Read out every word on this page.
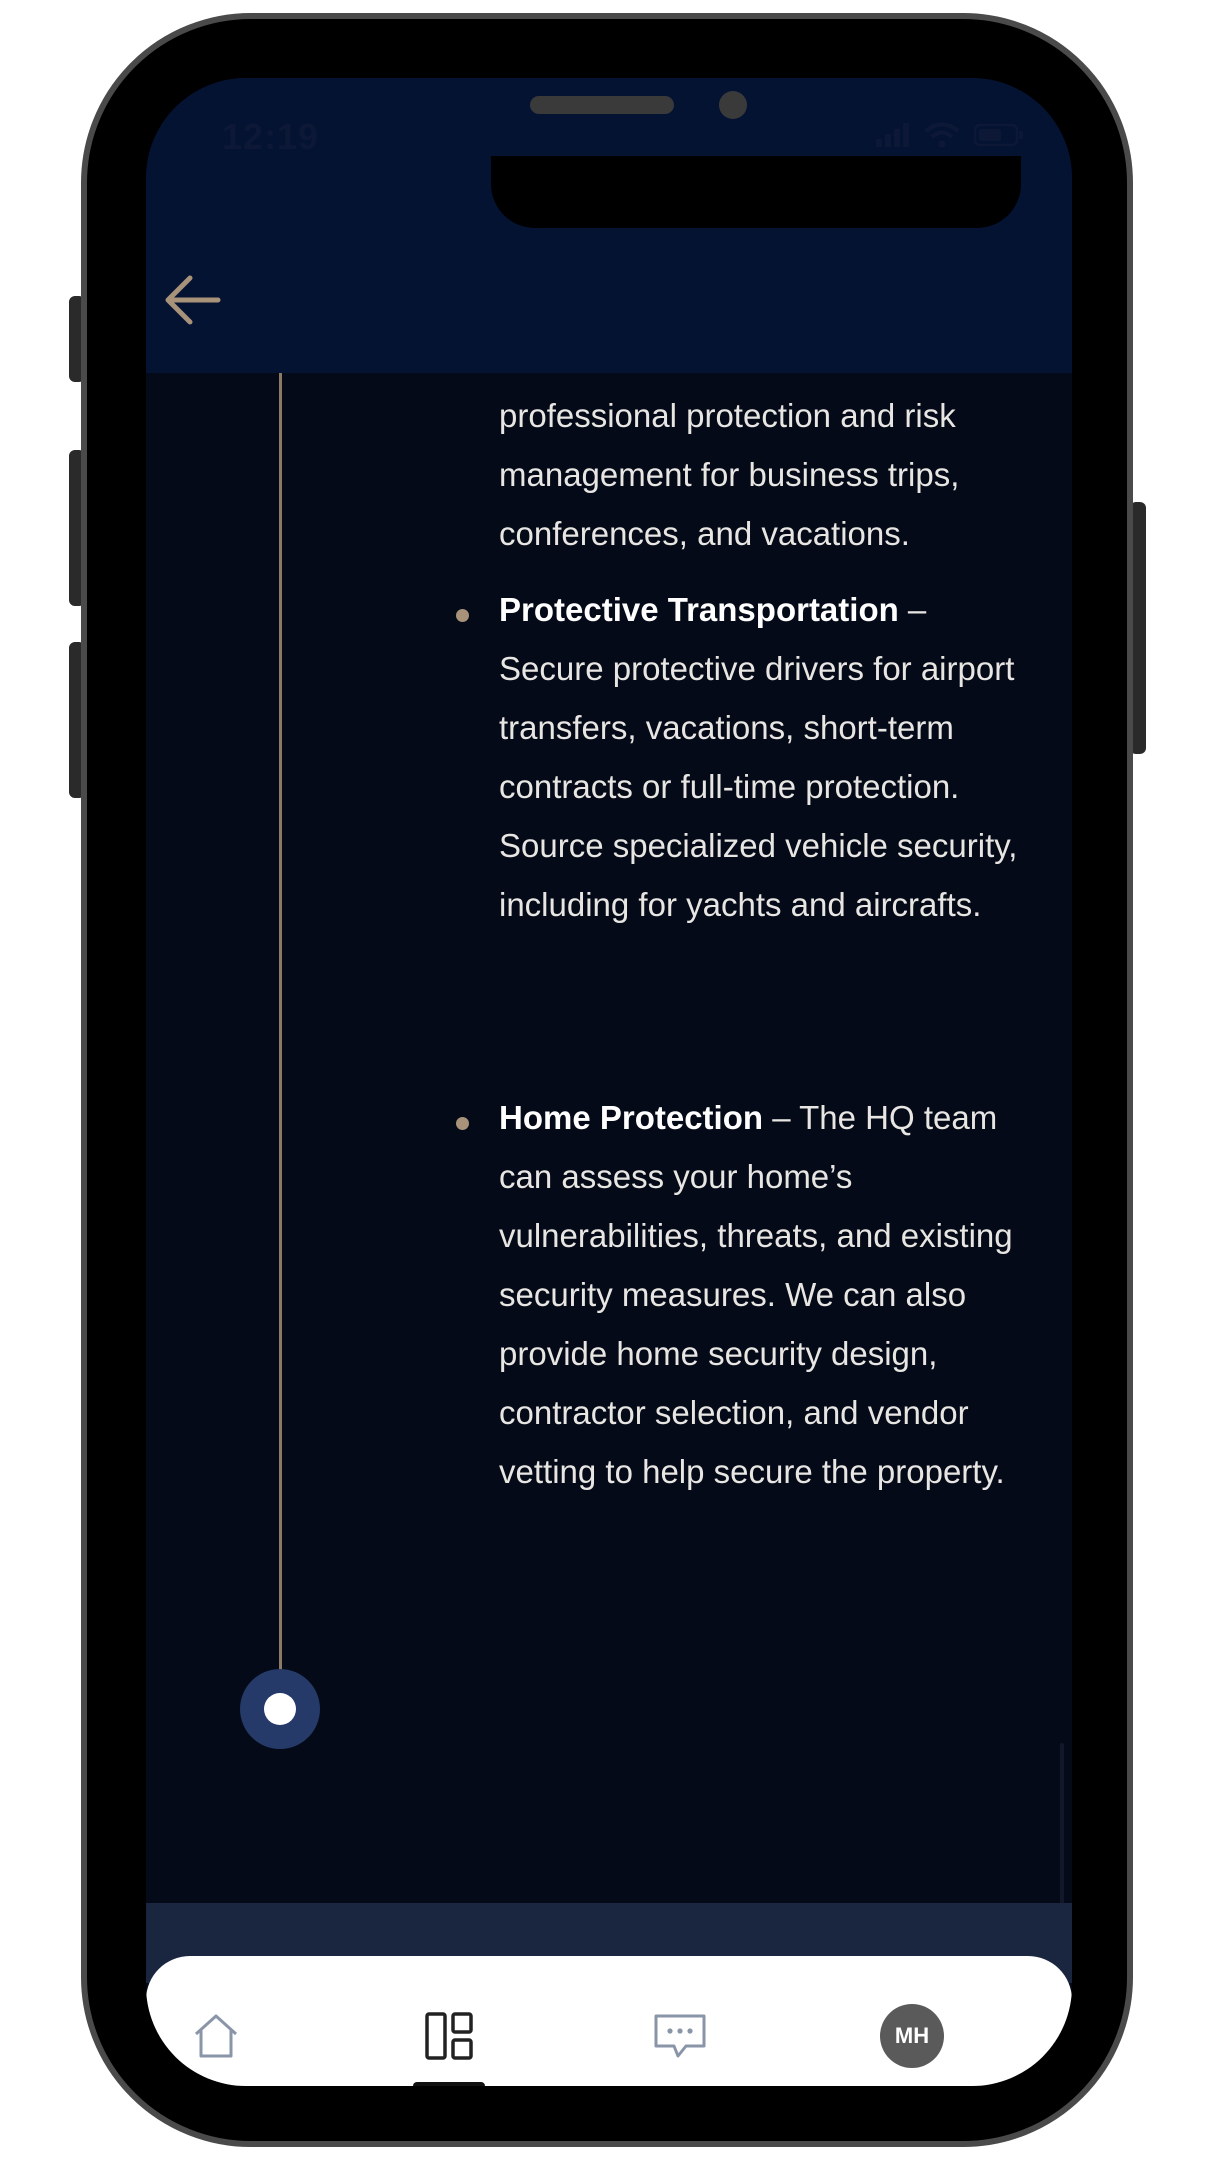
12:19
professional protection and risk management for business trips, conferences, and vacations.
Protective Transportation – Secure protective drivers for airport transfers, vacations, short-term contracts or full-time protection. Source specialized vehicle security, including for yachts and aircrafts.
Home Protection – The HQ team can assess your home’s vulnerabilities, threats, and existing security measures. We can also provide home security design, contractor selection, and vendor vetting to help secure the property.
MH
